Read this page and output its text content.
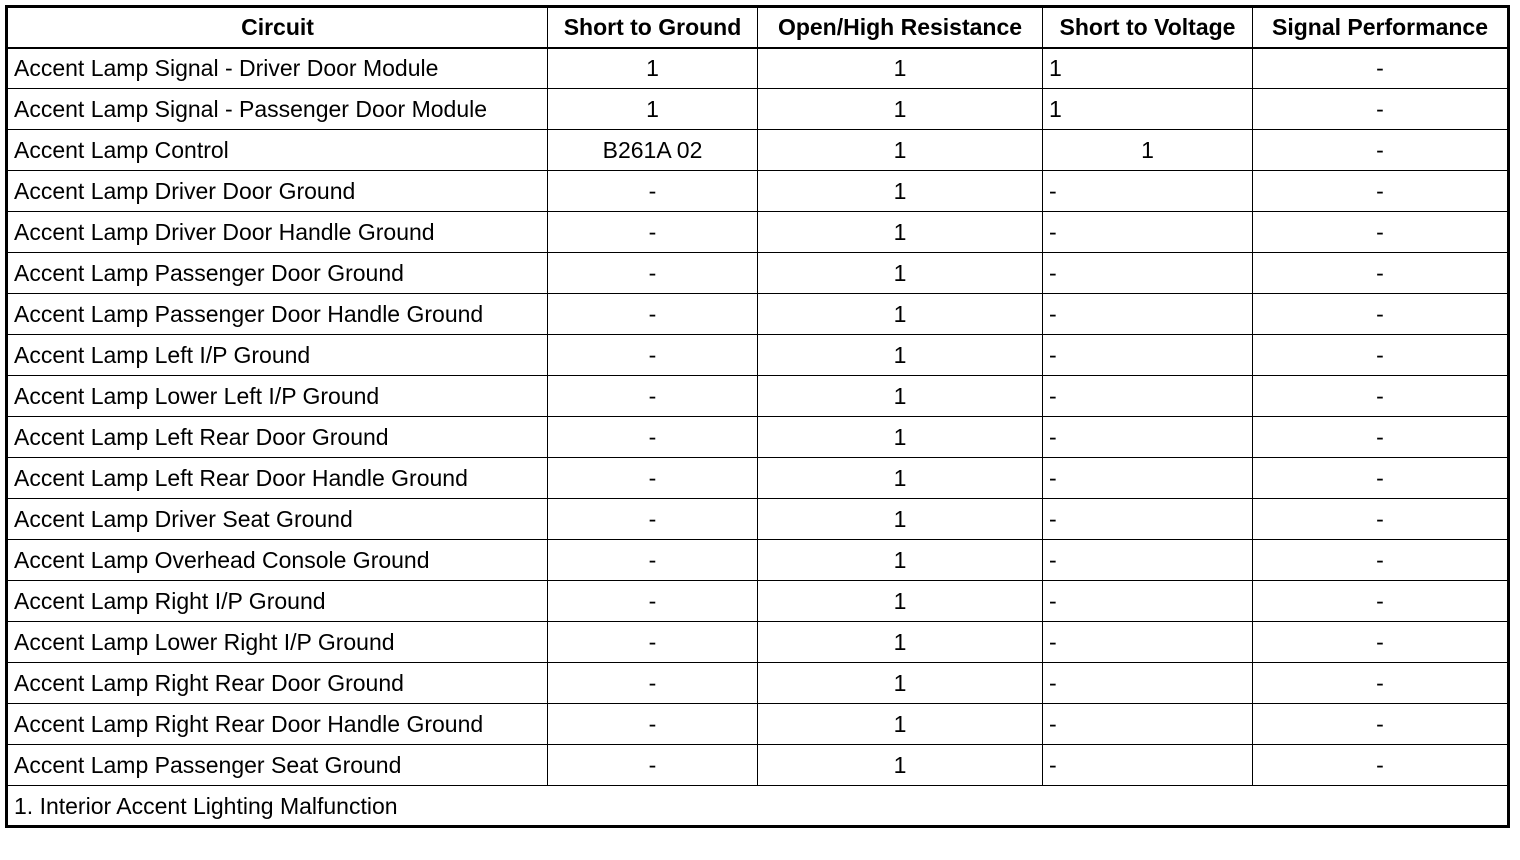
Circuit	Short to Ground	Open/High Resistance	Short to Voltage	Signal Performance
Accent Lamp Signal - Driver Door Module	1	1	1	-
Accent Lamp Signal - Passenger Door Module	1	1	1	-
Accent Lamp Control	B261A 02	1	1	-
Accent Lamp Driver Door Ground	-	1	-	-
Accent Lamp Driver Door Handle Ground	-	1	-	-
Accent Lamp Passenger Door Ground	-	1	-	-
Accent Lamp Passenger Door Handle Ground	-	1	-	-
Accent Lamp Left I/P Ground	-	1	-	-
Accent Lamp Lower Left I/P Ground	-	1	-	-
Accent Lamp Left Rear Door Ground	-	1	-	-
Accent Lamp Left Rear Door Handle Ground	-	1	-	-
Accent Lamp Driver Seat Ground	-	1	-	-
Accent Lamp Overhead Console Ground	-	1	-	-
Accent Lamp Right I/P Ground	-	1	-	-
Accent Lamp Lower Right I/P Ground	-	1	-	-
Accent Lamp Right Rear Door Ground	-	1	-	-
Accent Lamp Right Rear Door Handle Ground	-	1	-	-
Accent Lamp Passenger Seat Ground	-	1	-	-
1. Interior Accent Lighting Malfunction				
